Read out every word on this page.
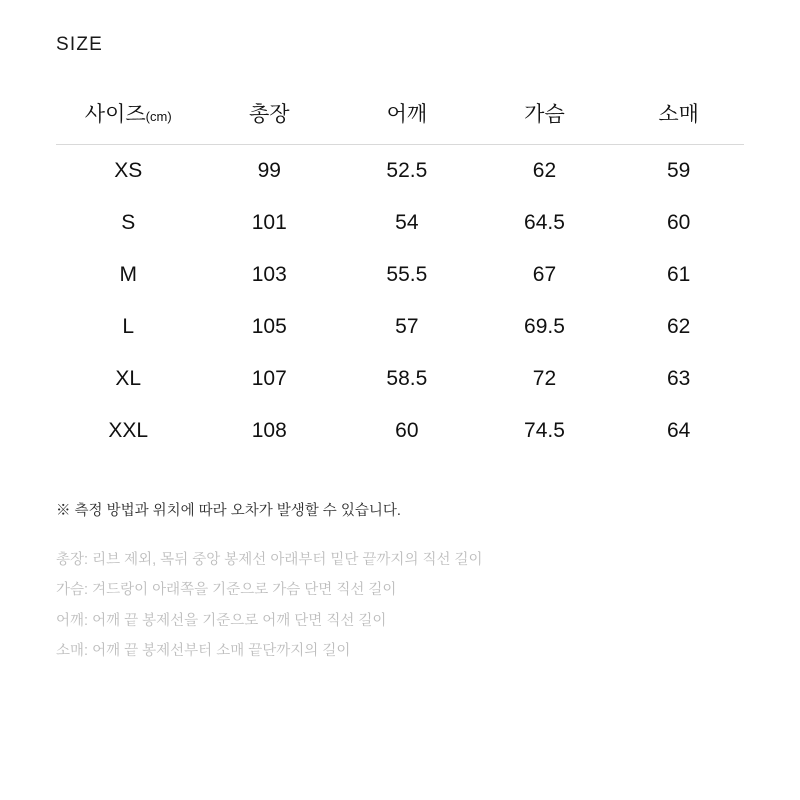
SIZE
사이즈(cm)	총장	어깨	가슴	소매
XS	99	52.5	62	59
S	101	54	64.5	60
M	103	55.5	67	61
L	105	57	69.5	62
XL	107	58.5	72	63
XXL	108	60	74.5	64
※ 측정 방법과 위치에 따라 오차가 발생할 수 있습니다.
총장: 리브 제외, 목뒤 중앙 봉제선 아래부터 밑단 끝까지의 직선 길이
가슴: 겨드랑이 아래쪽을 기준으로 가슴 단면 직선 길이
어깨: 어깨 끝 봉제선을 기준으로 어깨 단면 직선 길이
소매: 어깨 끝 봉제선부터 소매 끝단까지의 길이
